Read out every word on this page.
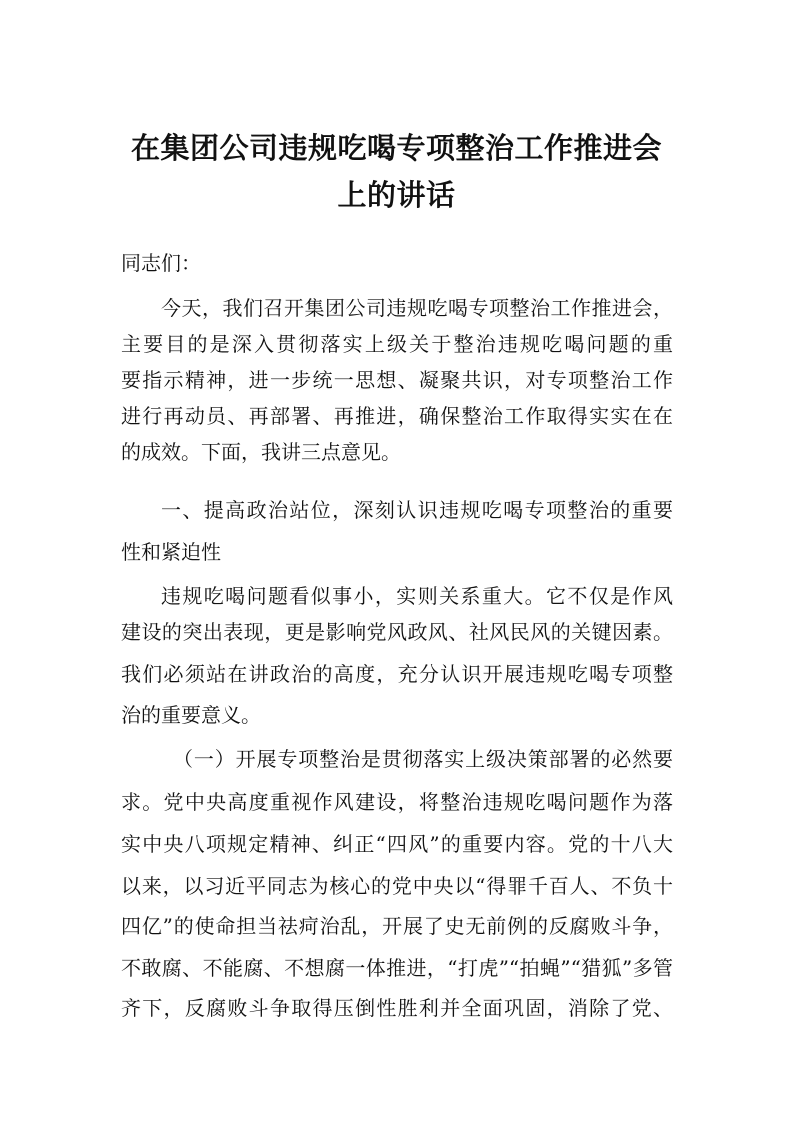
在集团公司违规吃喝专项整治工作推进会
上的讲话
同志们：
今天，我们召开集团公司违规吃喝专项整治工作推进会，
主要目的是深入贯彻落实上级关于整治违规吃喝问题的重
要指示精神，进一步统一思想、凝聚共识，对专项整治工作
进行再动员、再部署、再推进，确保整治工作取得实实在在
的成效。下面，我讲三点意见。
一、提高政治站位，深刻认识违规吃喝专项整治的重要
性和紧迫性
违规吃喝问题看似事小，实则关系重大。它不仅是作风
建设的突出表现，更是影响党风政风、社风民风的关键因素。
我们必须站在讲政治的高度，充分认识开展违规吃喝专项整
治的重要意义。
（一）开展专项整治是贯彻落实上级决策部署的必然要
求。党中央高度重视作风建设，将整治违规吃喝问题作为落
实中央八项规定精神、纠正“四风”的重要内容。党的十八大
以来，以习近平同志为核心的党中央以“得罪千百人、不负十
四亿”的使命担当祛疴治乱，开展了史无前例的反腐败斗争，
不敢腐、不能腐、不想腐一体推进，“打虎”“拍蝇”“猎狐”多管
齐下，反腐败斗争取得压倒性胜利并全面巩固，消除了党、
